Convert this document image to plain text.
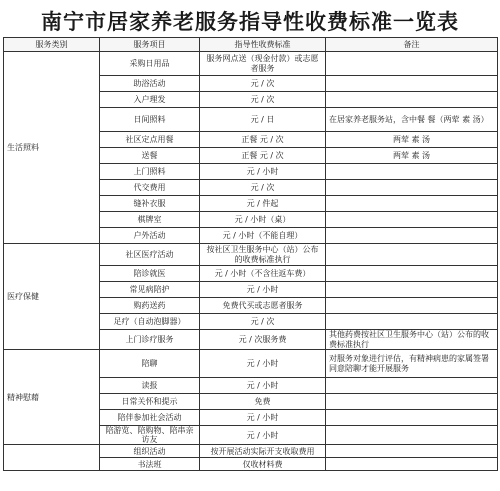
南宁市居家养老服务指导性收费标准一览表
服务类别	服务项目	指导性收费标准	备注
生活照料	采购日用品	服务网点送（现金付款）或志愿者服务	
	助浴活动	元 / 次	
	入户理发	元 / 次	
	日间照料	元 / 日	在居家养老服务站，含中餐 餐（两荤 素 汤）
	社区定点用餐	正餐 元 / 次	两荤 素 汤
	送餐	正餐 元 / 次	两荤 素 汤
	上门照料	元 / 小时	
	代交费用	元 / 次	
	缝补衣服	元 / 件起	
	棋牌室	元 / 小时（桌）	
	户外活动	元 / 小时（不能自理）	
医疗保健	社区医疗活动	按社区卫生服务中心（站）公布的收费标准执行	
	陪诊就医	元 / 小时（不含往返车费）	
	常见病陪护	元 / 小时	
	购药送药	免费代买或志愿者服务	
	足疗（自动泡脚器）	元 / 次	
	上门诊疗服务	元 / 次服务费	其他药费按社区卫生服务中心（站）公布的收费标准执行
精神慰藉	陪聊	元 / 小时	对服务对象进行评估，有精神病患的家属签署同意陪聊才能开展服务
	读报	元 / 小时	
	日常关怀和提示	免费	
	陪伴参加社会活动	元 / 小时	
	陪游览、陪购物、陪串亲访友	元 / 小时	
	组织活动	按开展活动实际开支收取费用	
	书法班	仅收材料费	
